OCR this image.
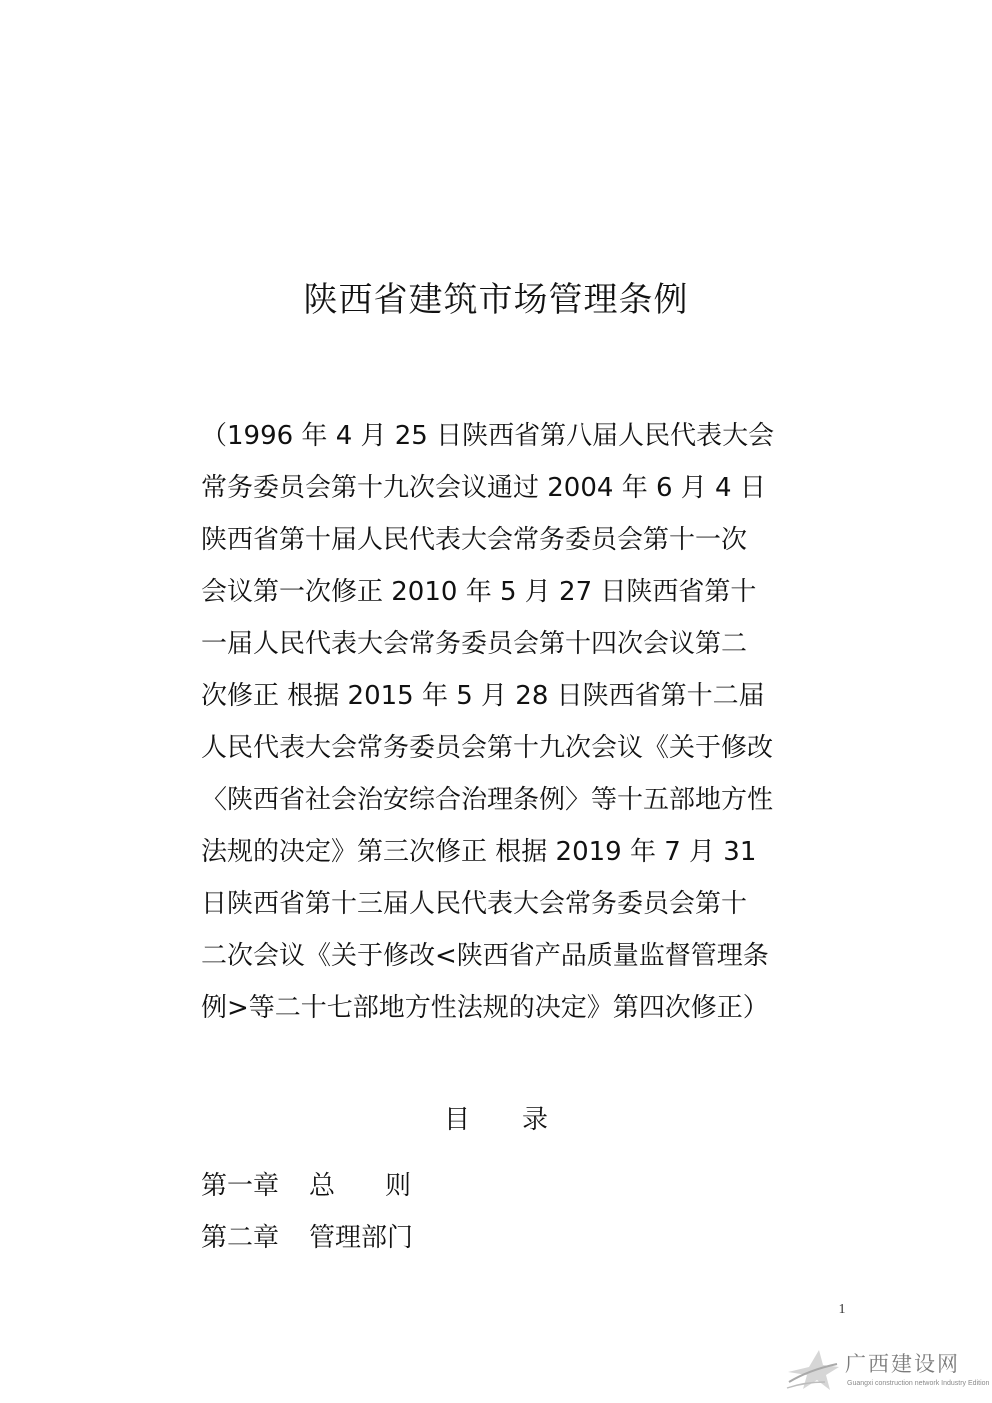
陕西省建筑市场管理条例
（1996 年 4 月 25 日陕西省第八届人民代表大会
常务委员会第十九次会议通过 2004 年 6 月 4 日
陕西省第十届人民代表大会常务委员会第十一次
会议第一次修正 2010 年 5 月 27 日陕西省第十
一届人民代表大会常务委员会第十四次会议第二
次修正 根据 2015 年 5 月 28 日陕西省第十二届
人民代表大会常务委员会第十九次会议《关于修改
〈陕西省社会治安综合治理条例〉等十五部地方性
法规的决定》第三次修正 根据 2019 年 7 月 31
日陕西省第十三届人民代表大会常务委员会第十
二次会议《关于修改<陕西省产品质量监督管理条
例>等二十七部地方性法规的决定》第四次修正）
目 录
第一章 总则
第二章 管理部门
1
广西建设网
Guangxi construction network Industry Edition
